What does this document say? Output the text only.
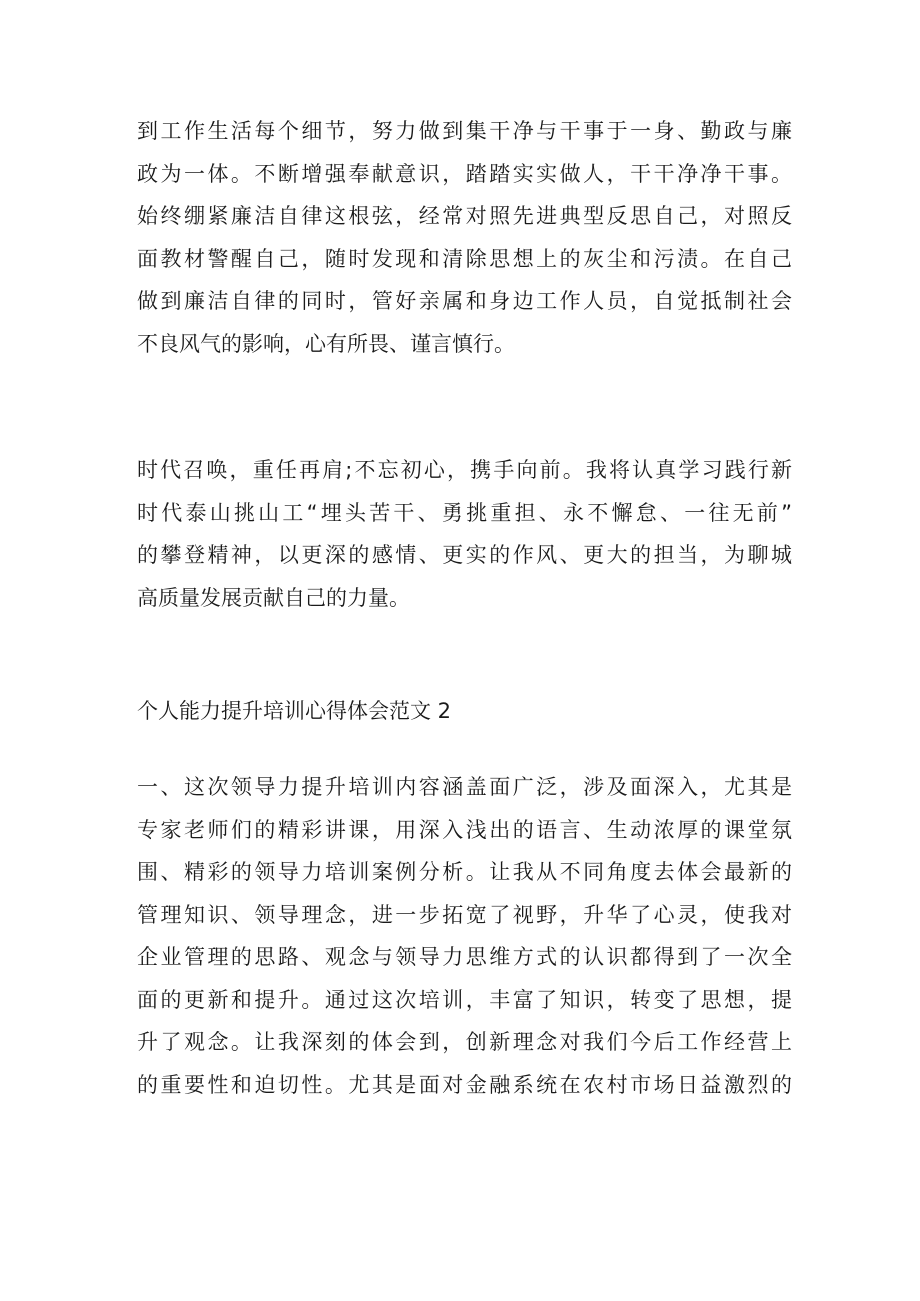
到工作生活每个细节，努力做到集干净与干事于一身、勤政与廉
政为一体。不断增强奉献意识，踏踏实实做人，干干净净干事。
始终绷紧廉洁自律这根弦，经常对照先进典型反思自己，对照反
面教材警醒自己，随时发现和清除思想上的灰尘和污渍。在自己
做到廉洁自律的同时，管好亲属和身边工作人员，自觉抵制社会
不良风气的影响，心有所畏、谨言慎行。
时代召唤，重任再肩;不忘初心，携手向前。我将认真学习践行新
时代泰山挑山工“埋头苦干、勇挑重担、永不懈怠、一往无前”
的攀登精神，以更深的感情、更实的作风、更大的担当，为聊城
高质量发展贡献自己的力量。
个人能力提升培训心得体会范文 2
一、这次领导力提升培训内容涵盖面广泛，涉及面深入，尤其是
专家老师们的精彩讲课，用深入浅出的语言、生动浓厚的课堂氛
围、精彩的领导力培训案例分析。让我从不同角度去体会最新的
管理知识、领导理念，进一步拓宽了视野，升华了心灵，使我对
企业管理的思路、观念与领导力思维方式的认识都得到了一次全
面的更新和提升。通过这次培训，丰富了知识，转变了思想，提
升了观念。让我深刻的体会到，创新理念对我们今后工作经营上
的重要性和迫切性。尤其是面对金融系统在农村市场日益激烈的
